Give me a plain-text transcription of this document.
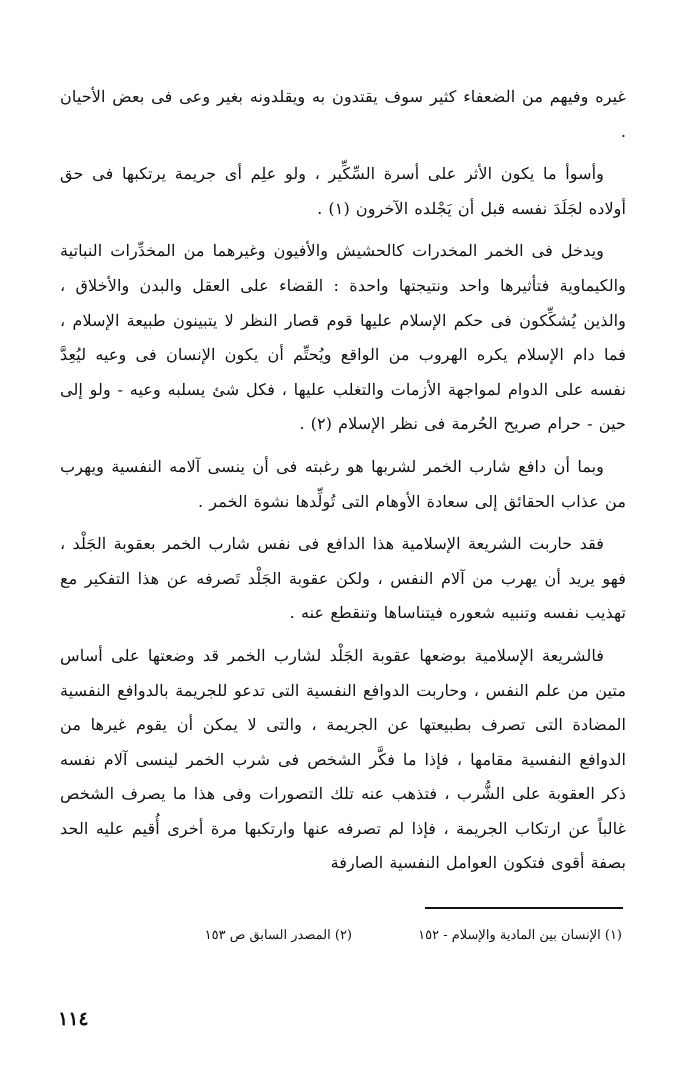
غيره وفيهم من الضعفاء كثير سوف يقتدون به ويقلدونه بغير وعى فى بعض الأحيان .

وأسوأ ما يكون الأثر على أسرة السِّكِّير ، ولو علِم أى جريمة يرتكبها فى حق أولاده لجَلَدَ نفسه قبل أن يَجْلده الآخرون (١) .

ويدخل فى الخمر المخدرات كالحشيش والأفيون وغيرهما من المخدِّرات النباتية والكيماوية فتأثيرها واحد ونتيجتها واحدة : القضاء على العقل والبدن والأخلاق ، والذين يُشكِّكون فى حكم الإسلام عليها قوم قصار النظر لا يتبينون طبيعة الإسلام ، فما دام الإسلام يكره الهروب من الواقع ويُحتِّم أن يكون الإنسان فى وعيه ليُعِدَّ نفسه على الدوام لمواجهة الأزمات والتغلب عليها ، فكل شئ يسلبه وعيه - ولو إلى حين - حرام صريح الحُرمة فى نظر الإسلام (٢) .

وبما أن دافع شارب الخمر لشربها هو رغبته فى أن ينسى آلامه النفسية ويهرب من عذاب الحقائق إلى سعادة الأوهام التى تُولِّدها نشوة الخمر .

فقد حاربت الشريعة الإسلامية هذا الدافع فى نفس شارب الخمر بعقوبة الجَلْد ، فهو يريد أن يهرب من آلام النفس ، ولكن عقوبة الجَلْد تَصرفه عن هذا التفكير مع تهذيب نفسه وتنبيه شعوره فيتناساها وتنقطع عنه .

فالشريعة الإسلامية بوضعها عقوبة الجَلْد لشارب الخمر قد وضعتها على أساس متين من علم النفس ، وحاربت الدوافع النفسية التى تدعو للجريمة بالدوافع النفسية المضادة التى تصرف بطبيعتها عن الجريمة ، والتى لا يمكن أن يقوم غيرها من الدوافع النفسية مقامها ، فإذا ما فكَّر الشخص فى شرب الخمر لينسى آلام نفسه ذكر العقوبة على الشُّرب ، فتذهب عنه تلك التصورات وفى هذا ما يصرف الشخص غالباً عن ارتكاب الجريمة ، فإذا لم تصرفه عنها وارتكبها مرة أخرى أُقيم عليه الحد بصفة أقوى فتكون العوامل النفسية الصارفة

(١) الإنسان بين المادية والإسلام - ١٥٢
(٢) المصدر السابق ص ١٥٣
١١٤
